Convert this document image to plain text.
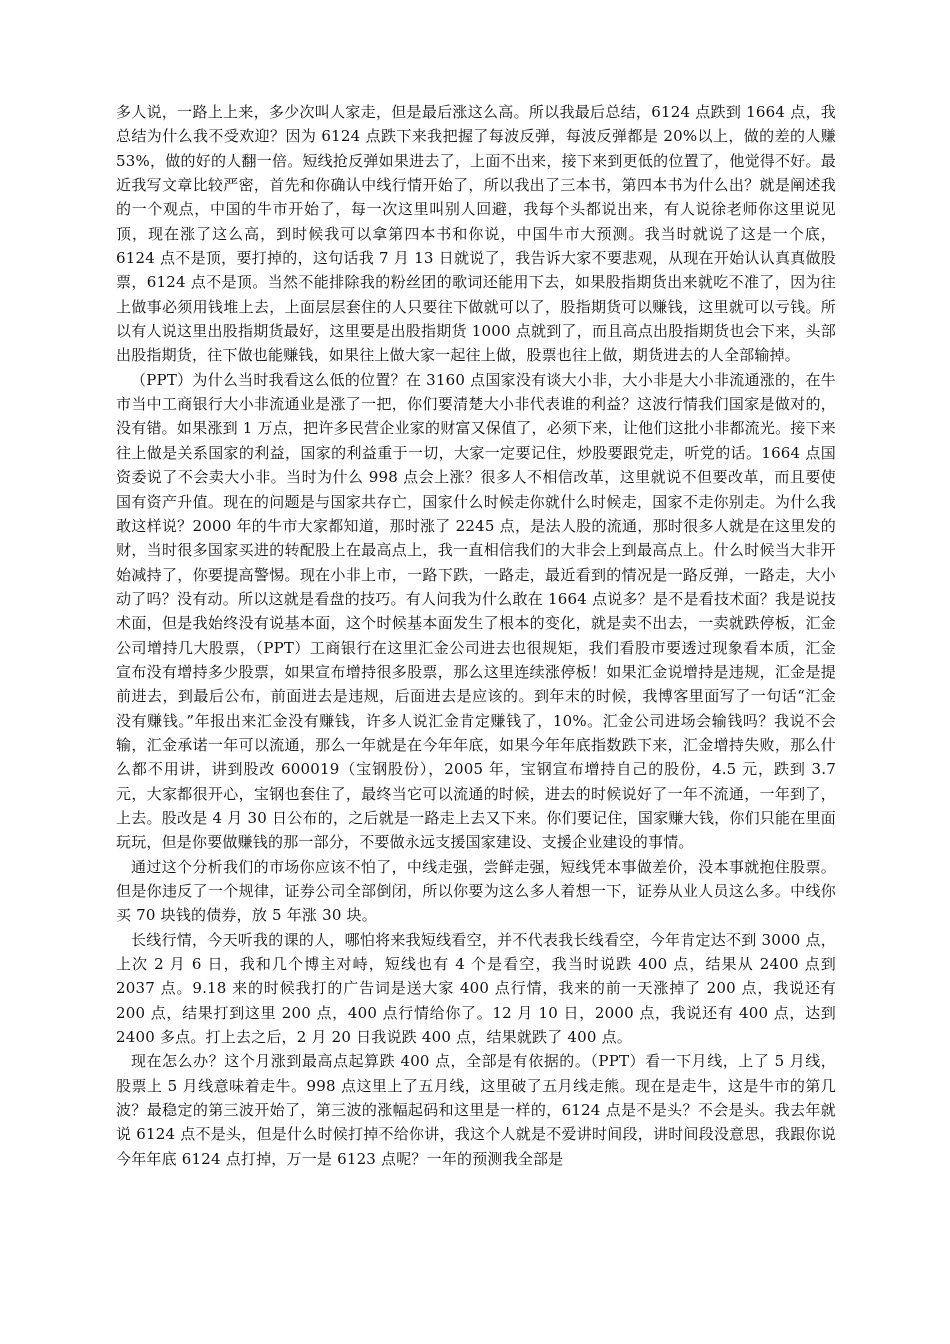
多人说，一路上上来，多少次叫人家走，但是最后涨这么高。所以我最后总结，6124 点跌到 1664 点，我总结为什么我不受欢迎？因为 6124 点跌下来我把握了每波反弹，每波反弹都是 20%以上，做的差的人赚 53%，做的好的人翻一倍。短线抢反弹如果进去了，上面不出来，接下来到更低的位置了，他觉得不好。最近我写文章比较严密，首先和你确认中线行情开始了，所以我出了三本书，第四本书为什么出？就是阐述我的一个观点，中国的牛市开始了，每一次这里叫别人回避，我每个头都说出来，有人说徐老师你这里说见顶，现在涨了这么高，到时候我可以拿第四本书和你说，中国牛市大预测。我当时就说了这是一个底，6124 点不是顶，要打掉的，这句话我 7 月 13 日就说了，我告诉大家不要悲观，从现在开始认认真真做股票，6124 点不是顶。当然不能排除我的粉丝团的歌词还能用下去，如果股指期货出来就吃不准了，因为往上做事必须用钱堆上去，上面层层套住的人只要往下做就可以了，股指期货可以赚钱，这里就可以亏钱。所以有人说这里出股指期货最好，这里要是出股指期货 1000 点就到了，而且高点出股指期货也会下来，头部出股指期货，往下做也能赚钱，如果往上做大家一起往上做，股票也往上做，期货进去的人全部输掉。

（PPT）为什么当时我看这么低的位置？在 3160 点国家没有谈大小非，大小非是大小非流通涨的，在牛市当中工商银行大小非流通业是涨了一把，你们要清楚大小非代表谁的利益？这波行情我们国家是做对的，没有错。如果涨到 1 万点，把许多民营企业家的财富又保值了，必须下来，让他们这批小非都流光。接下来往上做是关系国家的利益，国家的利益重于一切，大家一定要记住，炒股要跟党走，听党的话。1664 点国资委说了不会卖大小非。当时为什么 998 点会上涨？很多人不相信改革，这里就说不但要改革，而且要使国有资产升值。现在的问题是与国家共存亡，国家什么时候走你就什么时候走，国家不走你别走。为什么我敢这样说？2000 年的牛市大家都知道，那时涨了 2245 点，是法人股的流通，那时很多人就是在这里发的财，当时很多国家买进的转配股上在最高点上，我一直相信我们的大非会上到最高点上。什么时候当大非开始减持了，你要提高警惕。现在小非上市，一路下跌，一路走，最近看到的情况是一路反弹，一路走，大小动了吗？没有动。所以这就是看盘的技巧。有人问我为什么敢在 1664 点说多？是不是看技术面？我是说技术面，但是我始终没有说基本面，这个时候基本面发生了根本的变化，就是卖不出去，一卖就跌停板，汇金公司增持几大股票，（PPT）工商银行在这里汇金公司进去也很规矩，我们看股市要透过现象看本质，汇金宣布没有增持多少股票，如果宣布增持很多股票，那么这里连续涨停板！如果汇金说增持是违规，汇金是提前进去，到最后公布，前面进去是违规，后面进去是应该的。到年末的时候，我博客里面写了一句话“汇金没有赚钱。”年报出来汇金没有赚钱，许多人说汇金肯定赚钱了，10%。汇金公司进场会输钱吗？我说不会输，汇金承诺一年可以流通，那么一年就是在今年年底，如果今年年底指数跌下来，汇金增持失败，那么什么都不用讲，讲到股改 600019（宝钢股份），2005 年，宝钢宣布增持自己的股份，4.5 元，跌到 3.7 元，大家都很开心，宝钢也套住了，最终当它可以流通的时候，进去的时候说好了一年不流通，一年到了，上去。股改是 4 月 30 日公布的，之后就是一路走上去又下来。你们要记住，国家赚大钱，你们只能在里面玩玩，但是你要做赚钱的那一部分，不要做永远支援国家建设、支援企业建设的事情。

通过这个分析我们的市场你应该不怕了，中线走强，尝鲜走强，短线凭本事做差价，没本事就抱住股票。但是你违反了一个规律，证券公司全部倒闭，所以你要为这么多人着想一下，证券从业人员这么多。中线你买 70 块钱的债券，放 5 年涨 30 块。

长线行情，今天听我的课的人，哪怕将来我短线看空，并不代表我长线看空，今年肯定达不到 3000 点，上次 2 月 6 日，我和几个博主对峙，短线也有 4 个是看空，我当时说跌 400 点，结果从 2400 点到 2037 点。9.18 来的时候我打的广告词是送大家 400 点行情，我来的前一天涨掉了 200 点，我说还有 200 点，结果打到这里 200 点，400 点行情给你了。12 月 10 日，2000 点，我说还有 400 点，达到 2400 多点。打上去之后，2 月 20 日我说跌 400 点，结果就跌了 400 点。

现在怎么办？这个月涨到最高点起算跌 400 点，全部是有依据的。（PPT）看一下月线，上了 5 月线，股票上 5 月线意味着走牛。998 点这里上了五月线，这里破了五月线走熊。现在是走牛，这是牛市的第几波？最稳定的第三波开始了，第三波的涨幅起码和这里是一样的，6124 点是不是头？不会是头。我去年就说 6124 点不是头，但是什么时候打掉不给你讲，我这个人就是不爱讲时间段，讲时间段没意思，我跟你说今年年底 6124 点打掉，万一是 6123 点呢？一年的预测我全部是
